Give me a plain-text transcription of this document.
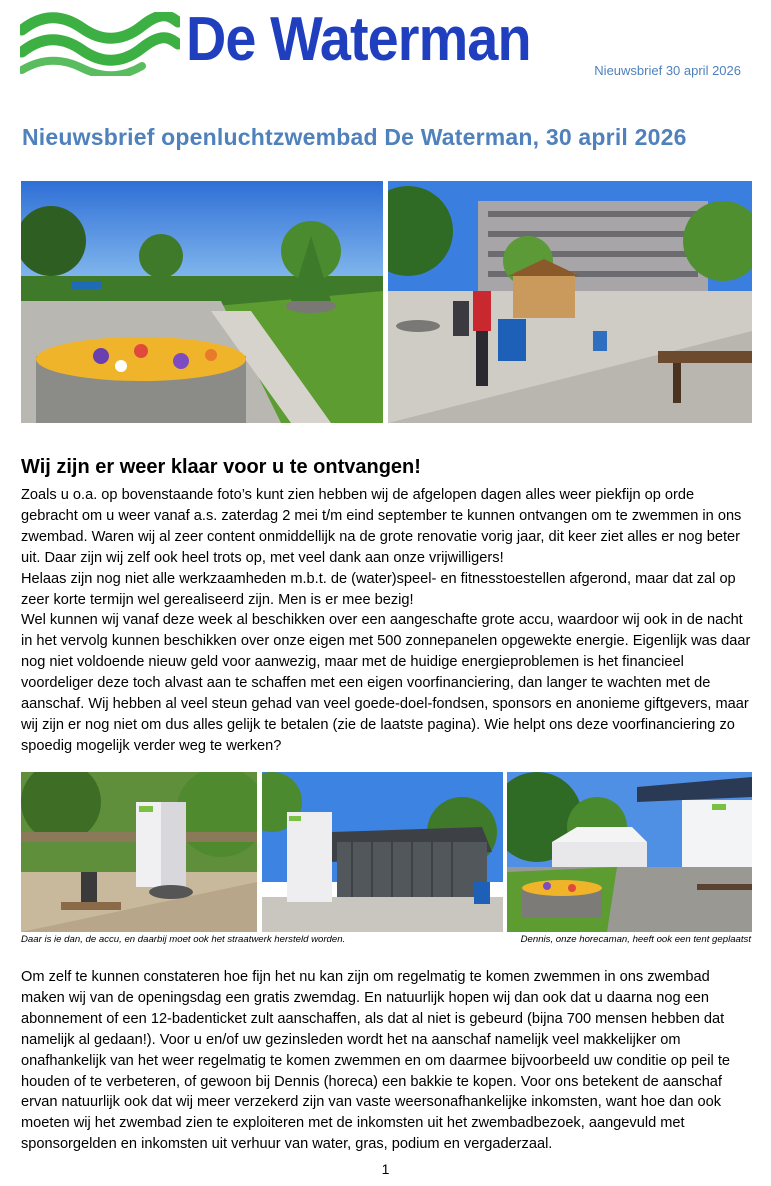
De Waterman	Nieuwsbrief 30 april 2026
Nieuwsbrief openluchtzwembad De Waterman, 30 april 2026
Wij zijn er weer klaar voor u te ontvangen!

Zoals u o.a. op bovenstaande foto’s kunt zien hebben wij de afgelopen dagen alles weer piekfijn op orde gebracht om u weer vanaf a.s. zaterdag 2 mei t/m eind september te kunnen ontvangen om te zwemmen in ons zwembad. Waren wij al zeer content onmiddellijk na de grote renovatie vorig jaar, dit keer ziet alles er nog beter uit. Daar zijn wij zelf ook heel trots op, met veel dank aan onze vrijwilligers!

Helaas zijn nog niet alle werkzaamheden m.b.t. de (water)speel- en fitnesstoestellen afgerond, maar dat zal op zeer korte termijn wel gerealiseerd zijn. Men is er mee bezig!

Wel kunnen wij vanaf deze week al beschikken over een aangeschafte grote accu, waardoor wij ook in de nacht in het vervolg kunnen beschikken over onze eigen met 500 zonnepanelen opgewekte energie. Eigenlijk was daar nog niet voldoende nieuw geld voor aanwezig, maar met de huidige energieproblemen is het financieel voordeliger deze toch alvast aan te schaffen met een eigen voorfinanciering, dan langer te wachten met de aanschaf. Wij hebben al veel steun gehad van veel goede-doel-fondsen, sponsors en anonieme giftgevers, maar wij zijn er nog niet om dus alles gelijk te betalen (zie de laatste pagina). Wie helpt ons deze voorfinanciering zo spoedig mogelijk verder weg te werken?

Daar is ie dan, de accu, en daarbij moet ook het straatwerk hersteld worden.	Dennis, onze horecaman, heeft ook een tent geplaatst

Om zelf te kunnen constateren hoe fijn het nu kan zijn om regelmatig te komen zwemmen in ons zwembad maken wij van de openingsdag een gratis zwemdag. En natuurlijk hopen wij dan ook dat u daarna nog een abonnement of een 12-badenticket zult aanschaffen, als dat al niet is gebeurd (bijna 700 mensen hebben dat namelijk al gedaan!). Voor u en/of uw gezinsleden wordt het na aanschaf namelijk veel makkelijker om onafhankelijk van het weer regelmatig te komen zwemmen en om daarmee bijvoorbeeld uw conditie op peil te houden of te verbeteren, of gewoon bij Dennis (horeca) een bakkie te kopen. Voor ons betekent de aanschaf ervan natuurlijk ook dat wij meer verzekerd zijn van vaste weersonafhankelijke inkomsten, want hoe dan ook moeten wij het zwembad zien te exploiteren met de inkomsten uit het zwembadbezoek, aangevuld met sponsorgelden en inkomsten uit verhuur van water, gras, podium en vergaderzaal.

1
